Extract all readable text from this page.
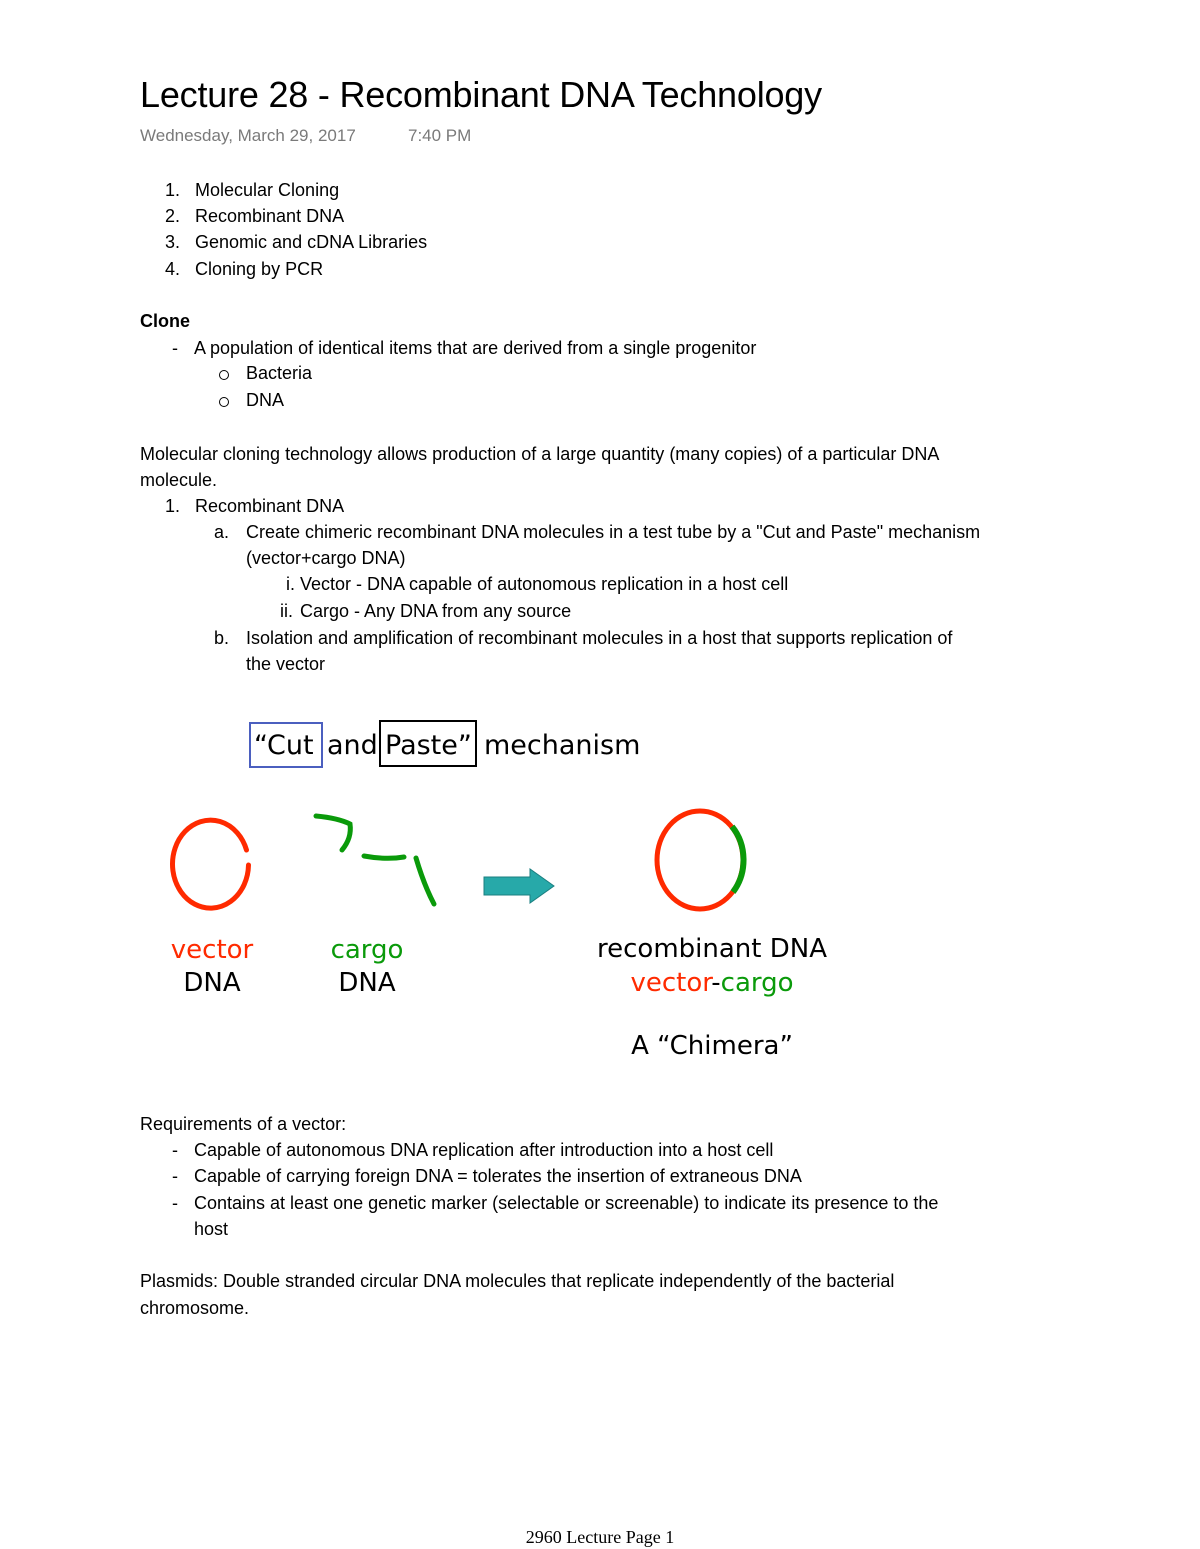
Lecture 28 - Recombinant DNA Technology
Wednesday, March 29, 2017	7:40 PM
1. Molecular Cloning
2. Recombinant DNA
3. Genomic and cDNA Libraries
4. Cloning by PCR
Clone
- A population of identical items that are derived from a single progenitor
Bacteria
DNA
Molecular cloning technology allows production of a large quantity (many copies) of a particular DNA
molecule.
1. Recombinant DNA
a. Create chimeric recombinant DNA molecules in a test tube by a "Cut and Paste" mechanism
(vector+cargo DNA)
i. Vector - DNA capable of autonomous replication in a host cell
ii. Cargo - Any DNA from any source
b. Isolation and amplification of recombinant molecules in a host that supports replication of
the vector
“Cut and Paste” mechanism
vector
DNA
cargo
DNA
recombinant DNA
vector-cargo
A “Chimera”
Requirements of a vector:
- Capable of autonomous DNA replication after introduction into a host cell
- Capable of carrying foreign DNA = tolerates the insertion of extraneous DNA
- Contains at least one genetic marker (selectable or screenable) to indicate its presence to the
host
Plasmids: Double stranded circular DNA molecules that replicate independently of the bacterial
chromosome.
2960 Lecture Page 1
